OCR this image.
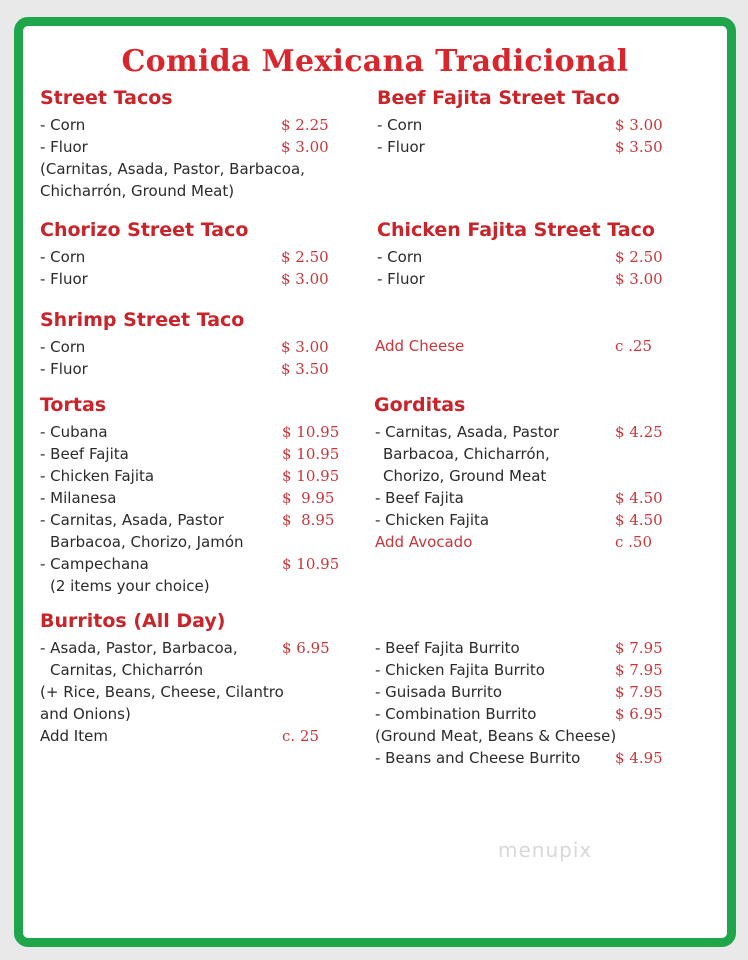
Comida Mexicana Tradicional
Street Tacos
- Corn	$ 2.25
- Fluor	$ 3.00
(Carnitas, Asada, Pastor, Barbacoa,
Chicharrón, Ground Meat)
Chorizo Street Taco
- Corn	$ 2.50
- Fluor	$ 3.00
Shrimp Street Taco
- Corn	$ 3.00
- Fluor	$ 3.50
Tortas
- Cubana	$ 10.95
- Beef Fajita	$ 10.95
- Chicken Fajita	$ 10.95
- Milanesa	$  9.95
- Carnitas, Asada, Pastor	$  8.95
Barbacoa, Chorizo, Jamón
- Campechana	$ 10.95
(2 items your choice)
Burritos (All Day)
- Asada, Pastor, Barbacoa,	$ 6.95
Carnitas, Chicharrón
(+ Rice, Beans, Cheese, Cilantro
and Onions)
Add Item	c. 25
Beef Fajita Street Taco
- Corn	$ 3.00
- Fluor	$ 3.50
Chicken Fajita Street Taco
- Corn	$ 2.50
- Fluor	$ 3.00
Add Cheese	c .25
Gorditas
- Carnitas, Asada, Pastor	$ 4.25
Barbacoa, Chicharrón,
Chorizo, Ground Meat
- Beef Fajita	$ 4.50
- Chicken Fajita	$ 4.50
Add Avocado	c .50
- Beef Fajita Burrito	$ 7.95
- Chicken Fajita Burrito	$ 7.95
- Guisada Burrito	$ 7.95
- Combination Burrito	$ 6.95
(Ground Meat, Beans & Cheese)
- Beans and Cheese Burrito $ 4.95
menupix
